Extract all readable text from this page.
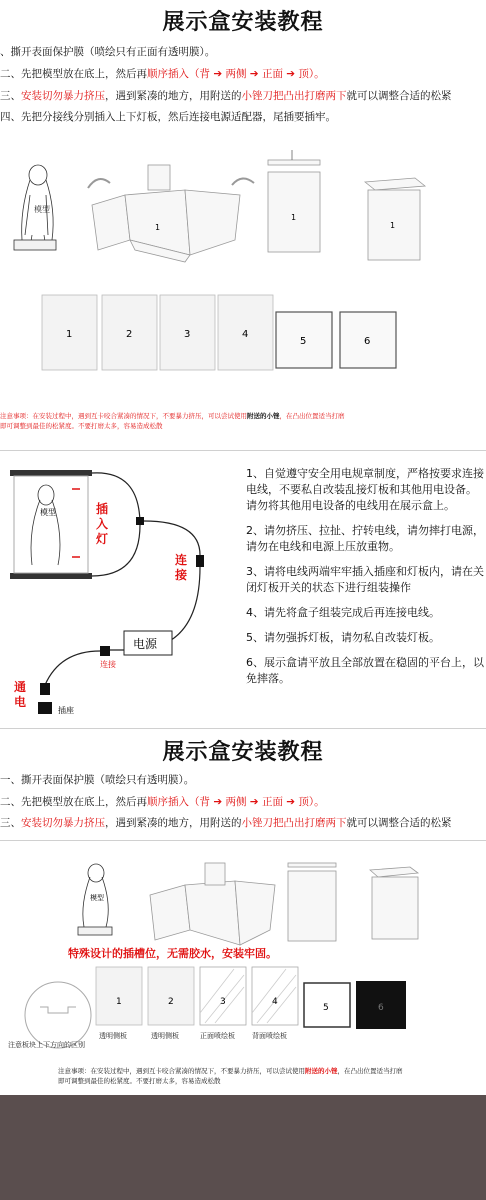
展示盒安装教程
、撕开表面保护膜（喷绘只有正面有透明膜）。
二、先把模型放在底上，然后再顺序插入（背 ➔ 两侧 ➔ 正面 ➔ 顶）。
三、安装切勿暴力挤压，遇到紧凑的地方，用附送的小锉刀把凸出打磨两下就可以调整合适的松紧
四、先把分接线分别插入上下灯板，然后连接电源适配器，尾插要插牢。
模型
1
1
1
1	2	3	4
5	6
注意事项：在安装过程中，遇到互卡咬合紧凑的情况下，不要暴力挤压，可以尝试使用附送的小锉，在凸出位置适当打磨
即可调整到最佳的松紧度。不要打磨太多，容易造成松散
模型
电源
插
入
灯
连
接
通
电
连接
插座
1、自觉遵守安全用电规章制度，严格按要求连接电线，不要私自改装乱接灯板和其他用电设备。请勿将其他用电设备的电线用在展示盒上。
2、请勿挤压、拉扯、拧转电线，请勿摔打电源，请勿在电线和电源上压放重物。
3、请将电线两端牢牢插入插座和灯板内，请在关闭灯板开关的状态下进行组装操作
4、请先将盒子组装完成后再连接电线。
5、请勿强拆灯板，请勿私自改装灯板。
6、展示盒请平放且全部放置在稳固的平台上，以免摔落。
展示盒安装教程
一、撕开表面保护膜（喷绘只有透明膜）。
二、先把模型放在底上，然后再顺序插入（背 ➔ 两侧 ➔ 正面 ➔ 顶）。
三、安装切勿暴力挤压，遇到紧凑的地方，用附送的小锉刀把凸出打磨两下就可以调整合适的松紧
模型
特殊设计的插槽位，无需胶水，安装牢固。
1	2	3	4
5	6
透明侧板	透明侧板	正面喷绘板 背面喷绘板
注意板块上下方向的区别
注意事项：在安装过程中，遇到互卡咬合紧凑的情况下，不要暴力挤压，可以尝试使用附送的小锉，在凸出位置适当打磨
即可调整到最佳的松紧度。不要打磨太多，容易造成松散
